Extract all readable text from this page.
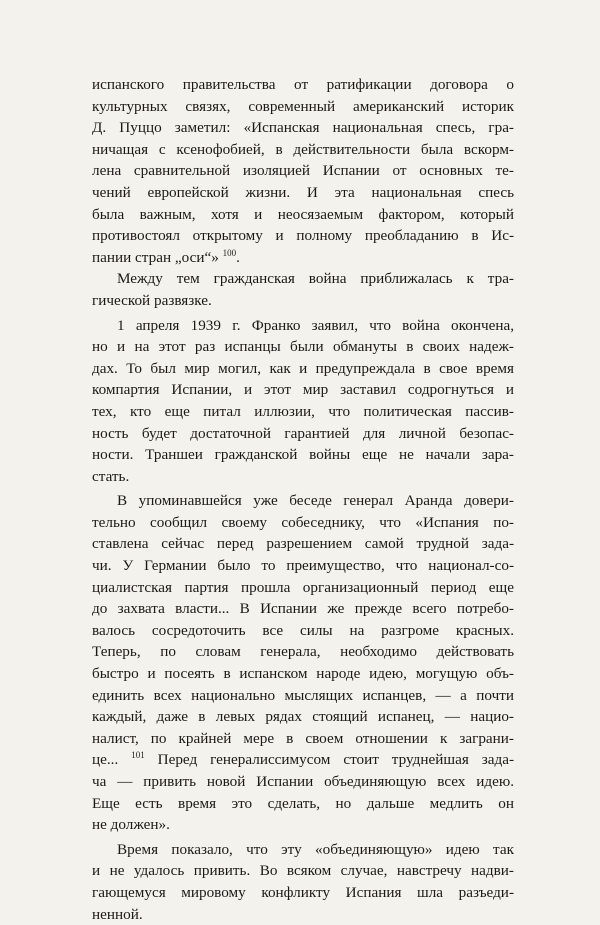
испанского правительства от ратификации договора о
культурных связях, современный американский историк
Д. Пуццо заметил: «Испанская национальная спесь, гра-
ничащая с ксенофобией, в действительности была вскорм-
лена сравнительной изоляцией Испании от основных те-
чений европейской жизни. И эта национальная спесь
была важным, хотя и неосязаемым фактором, который
противостоял открытому и полному преобладанию в Ис-
пании стран „оси“» $^{100}$.
Между тем гражданская война приближалась к тра-
гической развязке.
1 апреля 1939 г. Франко заявил, что война окончена,
но и на этот раз испанцы были обмануты в своих надеж-
дах. То был мир могил, как и предупреждала в свое время
компартия Испании, и этот мир заставил содрогнуться и
тех, кто еще питал иллюзии, что политическая пассив-
ность будет достаточной гарантией для личной безопас-
ности. Траншеи гражданской войны еще не начали зара-
стать.
В упоминавшейся уже беседе генерал Аранда довери-
тельно сообщил своему собеседнику, что «Испания по-
ставлена сейчас перед разрешением самой трудной зада-
чи. У Германии было то преимущество, что национал-со-
циалистская партия прошла организационный период еще
до захвата власти... В Испании же прежде всего потребо-
валось сосредоточить все силы на разгроме красных.
Теперь, по словам генерала, необходимо действовать
быстро и посеять в испанском народе идею, могущую объ-
единить всех национально мыслящих испанцев, — а почти
каждый, даже в левых рядах стоящий испанец, — нацио-
налист, по крайней мере в своем отношении к заграни-
це... $^{101}$ Перед генералиссимусом стоит труднейшая зада-
ча — привить новой Испании объединяющую всех идею.
Еще есть время это сделать, но дальше медлить он
не должен».
Время показало, что эту «объединяющую» идею так
и не удалось привить. Во всяком случае, навстречу надви-
гающемуся мировому конфликту Испания шла разъеди-
ненной.
